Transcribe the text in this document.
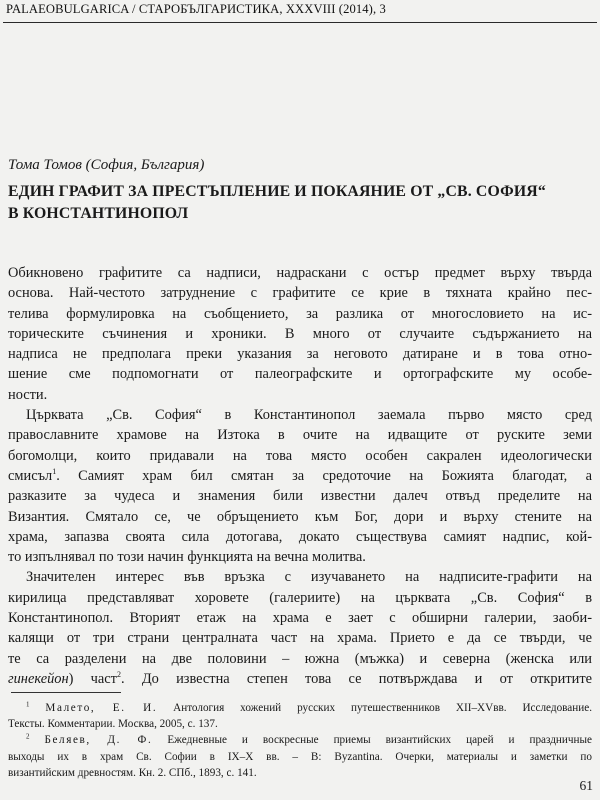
PALAEOBULGARICA / СТАРОБЪЛГАРИСТИКА, XXXVIII (2014), 3
Тома Томов (София, България)
ЕДИН ГРАФИТ ЗА ПРЕСТЪПЛЕНИЕ И ПОКАЯНИЕ ОТ „СВ. СОФИЯ“
В КОНСТАНТИНОПОЛ

Обикновено графитите са надписи, надраскани с остър предмет върху твърда
основа. Най-честото затруднение с графитите се крие в тяхната крайно пес-
телива формулировка на съобщението, за разлика от многословието на ис-
торическите съчинения и хроники. В много от случаите съдържанието на
надписа не предполага преки указания за неговото датиране и в това отно-
шение сме подпомогнати от палеографските и ортографските му особе-
ности.

Църквата „Св. София“ в Константинопол заемала първо място сред
православните храмове на Изтока в очите на идващите от руските земи
богомолци, които придавали на това място особен сакрален идеологически
смисъл$^1$. Самият храм бил смятан за средоточие на Божията благодат, а
разказите за чудеса и знамения били известни далеч отвъд пределите на
Византия. Смятало се, че обръщението към Бог, дори и върху стените на
храма, запазва своята сила дотогава, докато съществува самият надпис, кой-
то изпълнявал по този начин функцията на вечна молитва.

Значителен интерес във връзка с изучаването на надписите-графити на
кирилица представляват хоровете (галериите) на църквата „Св. София“ в
Константинопол. Вторият етаж на храма е зает с обширни галерии, заоби-
калящи от три страни централната част на храма. Прието е да се твърди, че
те са разделени на две половини – южна (мъжка) и северна (женска или
гинекейон) част$^2$. До известна степен това се потвърждава и от откритите

$^1$ Малето, Е. И. Антология хожений русских путешественников XII–XVвв. Исследование.
Тексты. Комментарии. Москва, 2005, с. 137.
$^2$ Беляев, Д. Ф. Ежедневные и воскресные приемы византийских царей и праздничные
выходы их в храм Св. Софии в IX–X вв. – В: Byzantina. Очерки, материалы и заметки по
византийским древностям. Кн. 2. СПб., 1893, с. 141.
61
